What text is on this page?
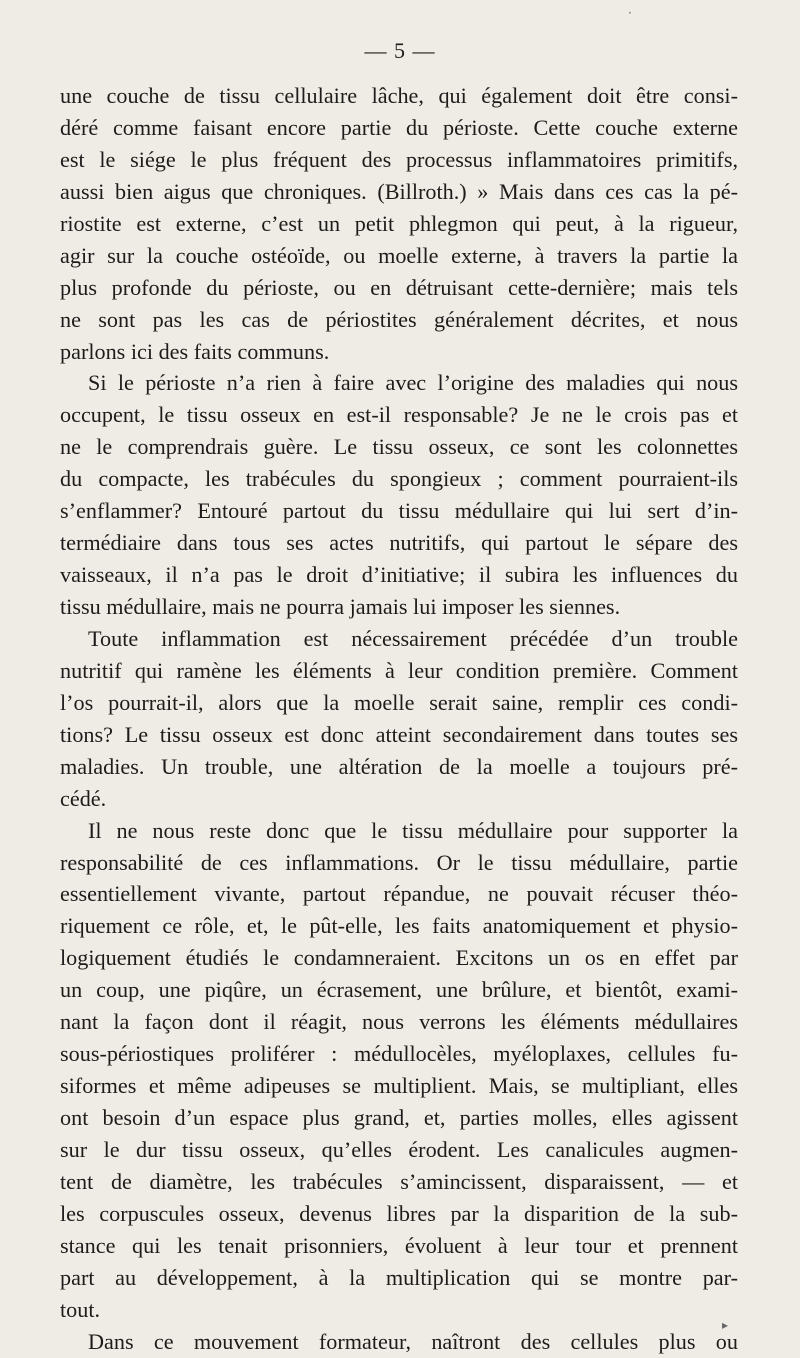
— 5 —
une couche de tissu cellulaire lâche, qui également doit être consi-
déré comme faisant encore partie du périoste. Cette couche externe
est le siége le plus fréquent des processus inflammatoires primitifs,
aussi bien aigus que chroniques. (Billroth.) » Mais dans ces cas la pé-
riostite est externe, c’est un petit phlegmon qui peut, à la rigueur,
agir sur la couche ostéoïde, ou moelle externe, à travers la partie la
plus profonde du périoste, ou en détruisant cette-dernière; mais tels
ne sont pas les cas de périostites généralement décrites, et nous
parlons ici des faits communs.
Si le périoste n’a rien à faire avec l’origine des maladies qui nous
occupent, le tissu osseux en est-il responsable? Je ne le crois pas et
ne le comprendrais guère. Le tissu osseux, ce sont les colonnettes
du compacte, les trabécules du spongieux ; comment pourraient-ils
s’enflammer? Entouré partout du tissu médullaire qui lui sert d’in-
termédiaire dans tous ses actes nutritifs, qui partout le sépare des
vaisseaux, il n’a pas le droit d’initiative; il subira les influences du
tissu médullaire, mais ne pourra jamais lui imposer les siennes.
Toute inflammation est nécessairement précédée d’un trouble
nutritif qui ramène les éléments à leur condition première. Comment
l’os pourrait-il, alors que la moelle serait saine, remplir ces condi-
tions? Le tissu osseux est donc atteint secondairement dans toutes ses
maladies. Un trouble, une altération de la moelle a toujours pré-
cédé.
Il ne nous reste donc que le tissu médullaire pour supporter la
responsabilité de ces inflammations. Or le tissu médullaire, partie
essentiellement vivante, partout répandue, ne pouvait récuser théo-
riquement ce rôle, et, le pût-elle, les faits anatomiquement et physio-
logiquement étudiés le condamneraient. Excitons un os en effet par
un coup, une piqûre, un écrasement, une brûlure, et bientôt, exami-
nant la façon dont il réagit, nous verrons les éléments médullaires
sous-périostiques proliférer : médullocèles, myéloplaxes, cellules fu-
siformes et même adipeuses se multiplient. Mais, se multipliant, elles
ont besoin d’un espace plus grand, et, parties molles, elles agissent
sur le dur tissu osseux, qu’elles érodent. Les canalicules augmen-
tent de diamètre, les trabécules s’amincissent, disparaissent, — et
les corpuscules osseux, devenus libres par la disparition de la sub-
stance qui les tenait prisonniers, évoluent à leur tour et prennent
part au développement, à la multiplication qui se montre par-
tout.
Dans ce mouvement formateur, naîtront des cellules plus ou
·
▸
